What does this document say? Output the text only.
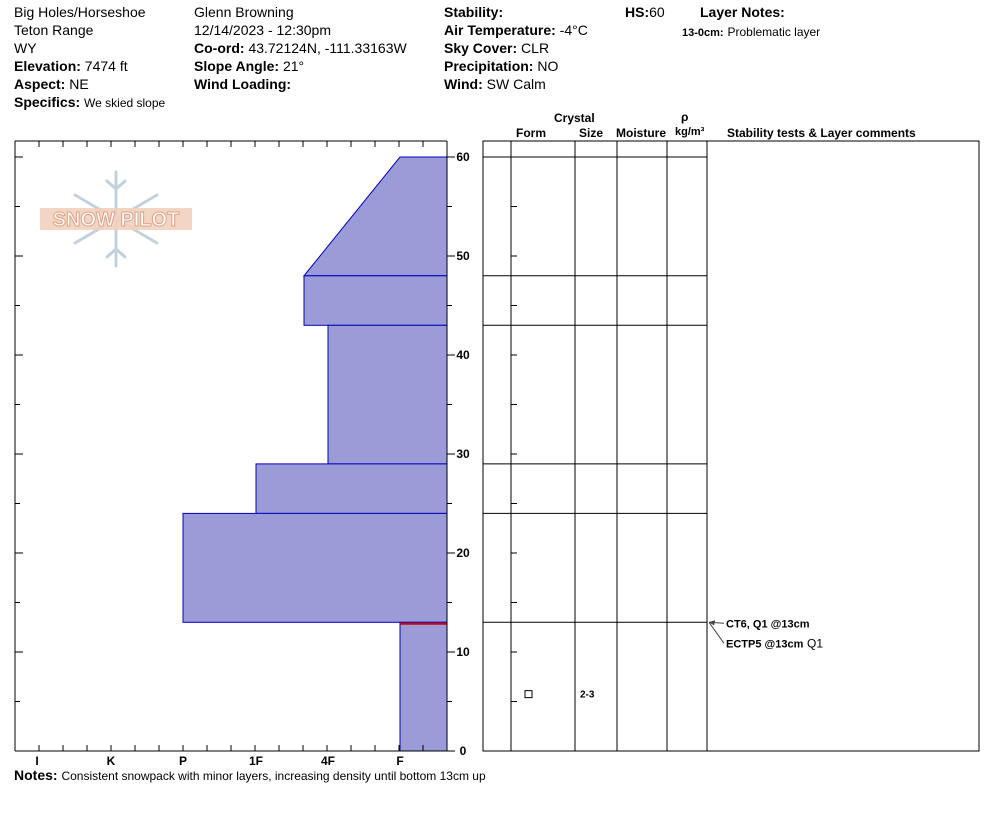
Big Holes/Horseshoe
Teton Range
WY
Elevation: 7474 ft
Aspect: NE
Specifics: We skied slope
Glenn Browning
12/14/2023 - 12:30pm
Co-ord: 43.72124N, -111.33163W
Slope Angle: 21°
Wind Loading:
Stability:
Air Temperature: -4°C
Sky Cover: CLR
Precipitation: NO
Wind: SW Calm
HS:60	Layer Notes:
13-0cm: Problematic layer
Crystal
Form	Size Moisture
ρ
kg/m³ Stability tests & Layer comments
SNOW PILOT
I	K	P	1F	4F	F
0
10
20
30
40
50
60
2-3
CT6, Q1 @13cm
ECTP5 @13cm Q1
Notes: Consistent snowpack with minor layers, increasing density until bottom 13cm up
